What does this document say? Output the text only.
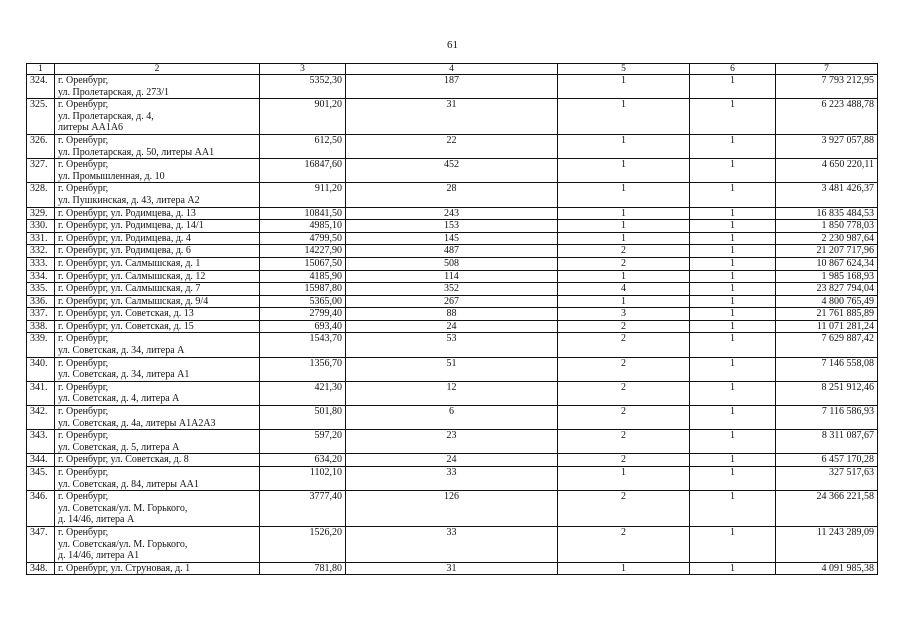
61
1	2	3	4	5	6	7
324.	г. Оренбург,
ул. Пролетарская, д. 273/1	5352,30	187	1	1	7 793 212,95
325.	г. Оренбург,
ул. Пролетарская, д. 4,
литеры АА1А6	901,20	31	1	1	6 223 488,78
326.	г. Оренбург,
ул. Пролетарская, д. 50, литеры АА1	612,50	22	1	1	3 927 057,88
327.	г. Оренбург,
ул. Промышленная, д. 10	16847,60	452	1	1	4 650 220,11
328.	г. Оренбург,
ул. Пушкинская, д. 43, литера А2	911,20	28	1	1	3 481 426,37
329.	г. Оренбург, ул. Родимцева, д. 13	10841,50	243	1	1	16 835 484,53
330.	г. Оренбург, ул. Родимцева, д. 14/1	4985,10	153	1	1	1 850 778,03
331.	г. Оренбург, ул. Родимцева, д. 4	4799,50	145	1	1	2 230 987,64
332.	г. Оренбург, ул. Родимцева, д. 6	14227,90	487	2	1	21 207 717,96
333.	г. Оренбург, ул. Салмышская, д. 1	15067,50	508	2	1	10 867 624,34
334.	г. Оренбург, ул. Салмышская, д. 12	4185,90	114	1	1	1 985 168,93
335.	г. Оренбург, ул. Салмышская, д. 7	15987,80	352	4	1	23 827 794,04
336.	г. Оренбург, ул. Салмышская, д. 9/4	5365,00	267	1	1	4 800 765,49
337.	г. Оренбург, ул. Советская, д. 13	2799,40	88	3	1	21 761 885,89
338.	г. Оренбург, ул. Советская, д. 15	693,40	24	2	1	11 071 281,24
339.	г. Оренбург,
ул. Советская, д. 34, литера А	1543,70	53	2	1	7 629 887,42
340.	г. Оренбург,
ул. Советская, д. 34, литера А1	1356,70	51	2	1	7 146 558,08
341.	г. Оренбург,
ул. Советская, д. 4, литера А	421,30	12	2	1	8 251 912,46
342.	г. Оренбург,
ул. Советская, д. 4а, литеры А1А2А3	501,80	6	2	1	7 116 586,93
343.	г. Оренбург,
ул. Советская, д. 5, литера А	597,20	23	2	1	8 311 087,67
344.	г. Оренбург, ул. Советская, д. 8	634,20	24	2	1	6 457 170,28
345.	г. Оренбург,
ул. Советская, д. 84, литеры АА1	1102,10	33	1	1	327 517,63
346.	г. Оренбург,
ул. Советская/ул. М. Горького,
д. 14/46, литера А	3777,40	126	2	1	24 366 221,58
347.	г. Оренбург,
ул. Советская/ул. М. Горького,
д. 14/46, литера А1	1526,20	33	2	1	11 243 289,09
348.	г. Оренбург, ул. Струновая, д. 1	781,80	31	1	1	4 091 985,38
